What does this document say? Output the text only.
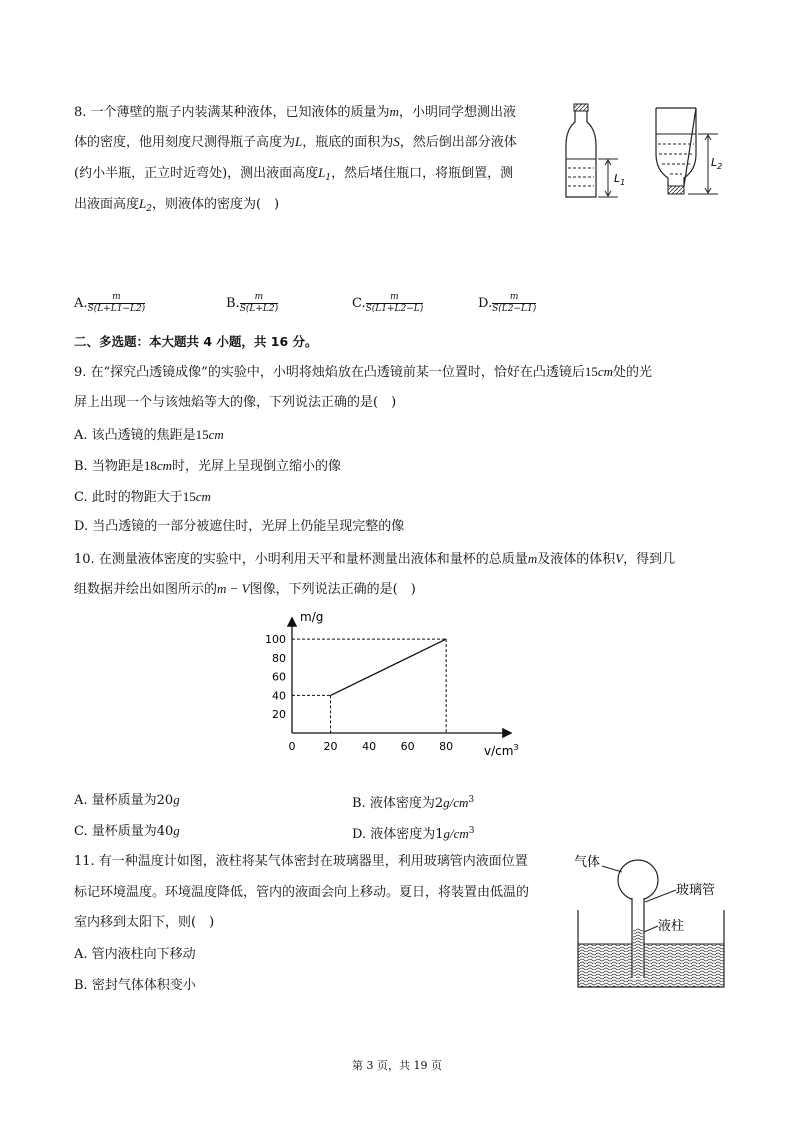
8. 一个薄壁的瓶子内装满某种液体，已知液体的质量为m，小明同学想测出液
体的密度，他用刻度尺测得瓶子高度为L，瓶底的面积为S，然后倒出部分液体
(约小半瓶，正立时近弯处)，测出液面高度$L_1$，然后堵住瓶口，将瓶倒置，测
出液面高度$L_2$，则液体的密度为(　)
$L_1$
$L_2$
A. $\frac{m}{S(L+L1-L2)}$	B. $\frac{m}{S(L+L2)}$	C. $\frac{m}{S(L1+L2-L)}$	D. $\frac{m}{S(L2-L1)}$
二、多选题：本大题共 4 小题，共 16 分。
9. 在“探究凸透镜成像”的实验中，小明将烛焰放在凸透镜前某一位置时，恰好在凸透镜后15cm处的光
屏上出现一个与该烛焰等大的像，下列说法正确的是(　)
A. 该凸透镜的焦距是15cm
B. 当物距是18cm时，光屏上呈现倒立缩小的像
C. 此时的物距大于15cm
D. 当凸透镜的一部分被遮住时，光屏上仍能呈现完整的像
10. 在测量液体密度的实验中，小明利用天平和量杯测量出液体和量杯的总质量m及液体的体积V，得到几
组数据并绘出如图所示的m − V图像，下列说法正确的是(　)
0	20 40 60 80
20
40
60
80
100
m/g
$v/cm^3$
A. 量杯质量为20g	B. 液体密度为$2g/cm^3$
C. 量杯质量为40g	D. 液体密度为$1g/cm^3$
11. 有一种温度计如图，液柱将某气体密封在玻璃器里，利用玻璃管内液面位置
标记环境温度。环境温度降低，管内的液面会向上移动。夏日，将装置由低温的
室内移到太阳下，则(　)
A. 管内液柱向下移动
B. 密封气体体积变小
气体
玻璃管
液柱
第 3 页，共 19 页
